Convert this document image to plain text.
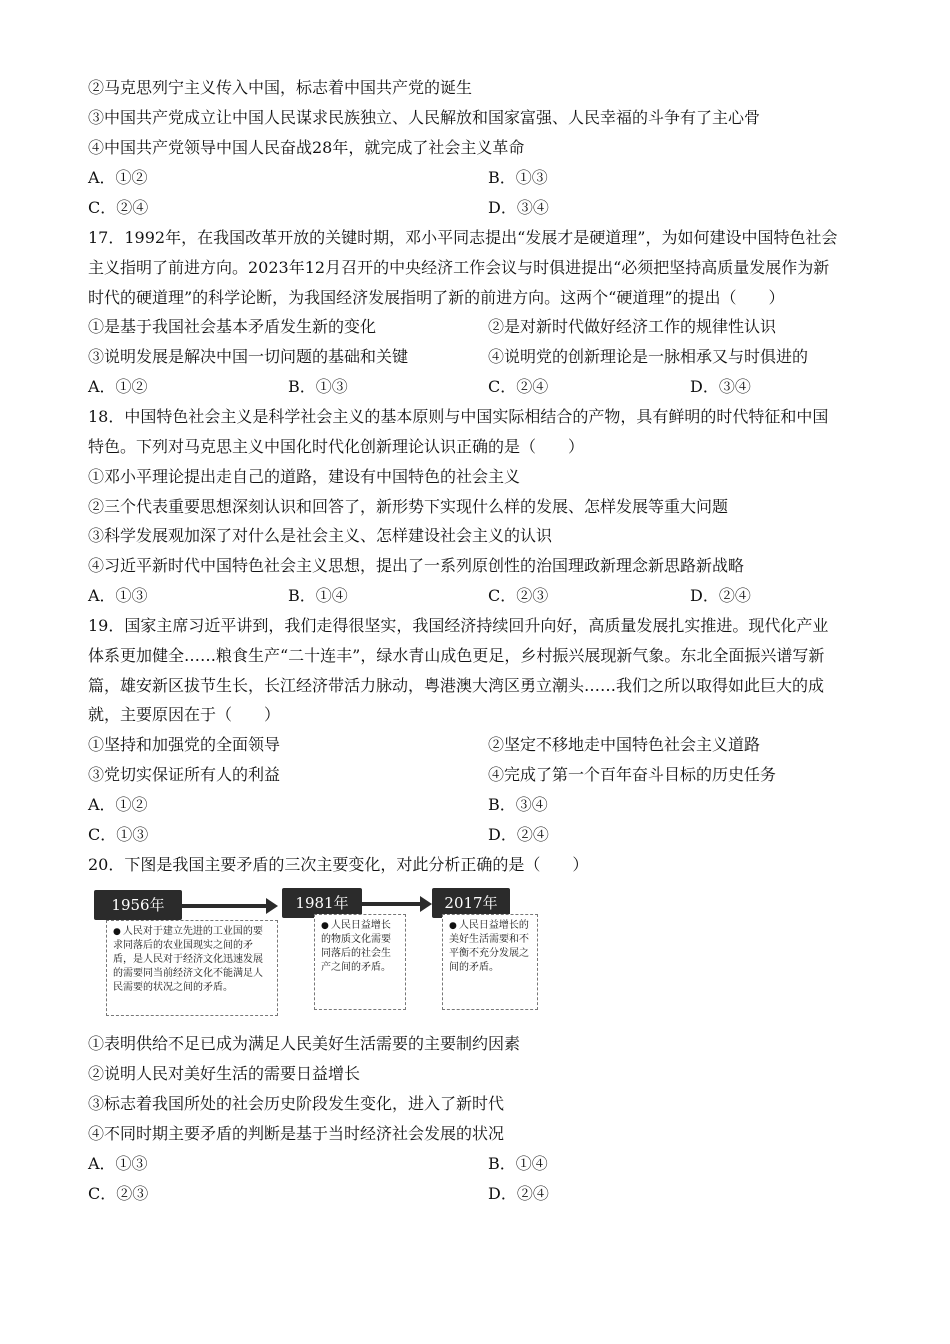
②马克思列宁主义传入中国，标志着中国共产党的诞生
③中国共产党成立让中国人民谋求民族独立、人民解放和国家富强、人民幸福的斗争有了主心骨
④中国共产党领导中国人民奋战28年，就完成了社会主义革命
A．①②	B．①③
C．②④	D．③④
17．1992年，在我国改革开放的关键时期，邓小平同志提出“发展才是硬道理”，为如何建设中国特色社会
主义指明了前进方向。2023年12月召开的中央经济工作会议与时俱进提出“必须把坚持高质量发展作为新
时代的硬道理”的科学论断，为我国经济发展指明了新的前进方向。这两个“硬道理”的提出（　　）
①是基于我国社会基本矛盾发生新的变化	②是对新时代做好经济工作的规律性认识
③说明发展是解决中国一切问题的基础和关键	④说明党的创新理论是一脉相承又与时俱进的
A．①②	B．①③	C．②④	D．③④
18．中国特色社会主义是科学社会主义的基本原则与中国实际相结合的产物，具有鲜明的时代特征和中国
特色。下列对马克思主义中国化时代化创新理论认识正确的是（　　）
①邓小平理论提出走自己的道路，建设有中国特色的社会主义
②三个代表重要思想深刻认识和回答了，新形势下实现什么样的发展、怎样发展等重大问题
③科学发展观加深了对什么是社会主义、怎样建设社会主义的认识
④习近平新时代中国特色社会主义思想，提出了一系列原创性的治国理政新理念新思路新战略
A．①③	B．①④	C．②③	D．②④
19．国家主席习近平讲到，我们走得很坚实，我国经济持续回升向好，高质量发展扎实推进。现代化产业
体系更加健全……粮食生产“二十连丰”，绿水青山成色更足，乡村振兴展现新气象。东北全面振兴谱写新
篇，雄安新区拔节生长，长江经济带活力脉动，粤港澳大湾区勇立潮头……我们之所以取得如此巨大的成
就，主要原因在于（　　）
①坚持和加强党的全面领导	②坚定不移地走中国特色社会主义道路
③党切实保证所有人的利益	④完成了第一个百年奋斗目标的历史任务
A．①②	B．③④
C．①③	D．②④
20．下图是我国主要矛盾的三次主要变化，对此分析正确的是（　　）
1956年	1981年	2017年
● 人民对于建立先进的工业国的要求同落后的农业国现实之间的矛盾，是人民对于经济文化迅速发展的需要同当前经济文化不能满足人民需要的状况之间的矛盾。
● 人民日益增长的物质文化需要同落后的社会生产之间的矛盾。
● 人民日益增长的美好生活需要和不平衡不充分发展之间的矛盾。
①表明供给不足已成为满足人民美好生活需要的主要制约因素
②说明人民对美好生活的需要日益增长
③标志着我国所处的社会历史阶段发生变化，进入了新时代
④不同时期主要矛盾的判断是基于当时经济社会发展的状况
A．①③	B．①④
C．②③	D．②④
